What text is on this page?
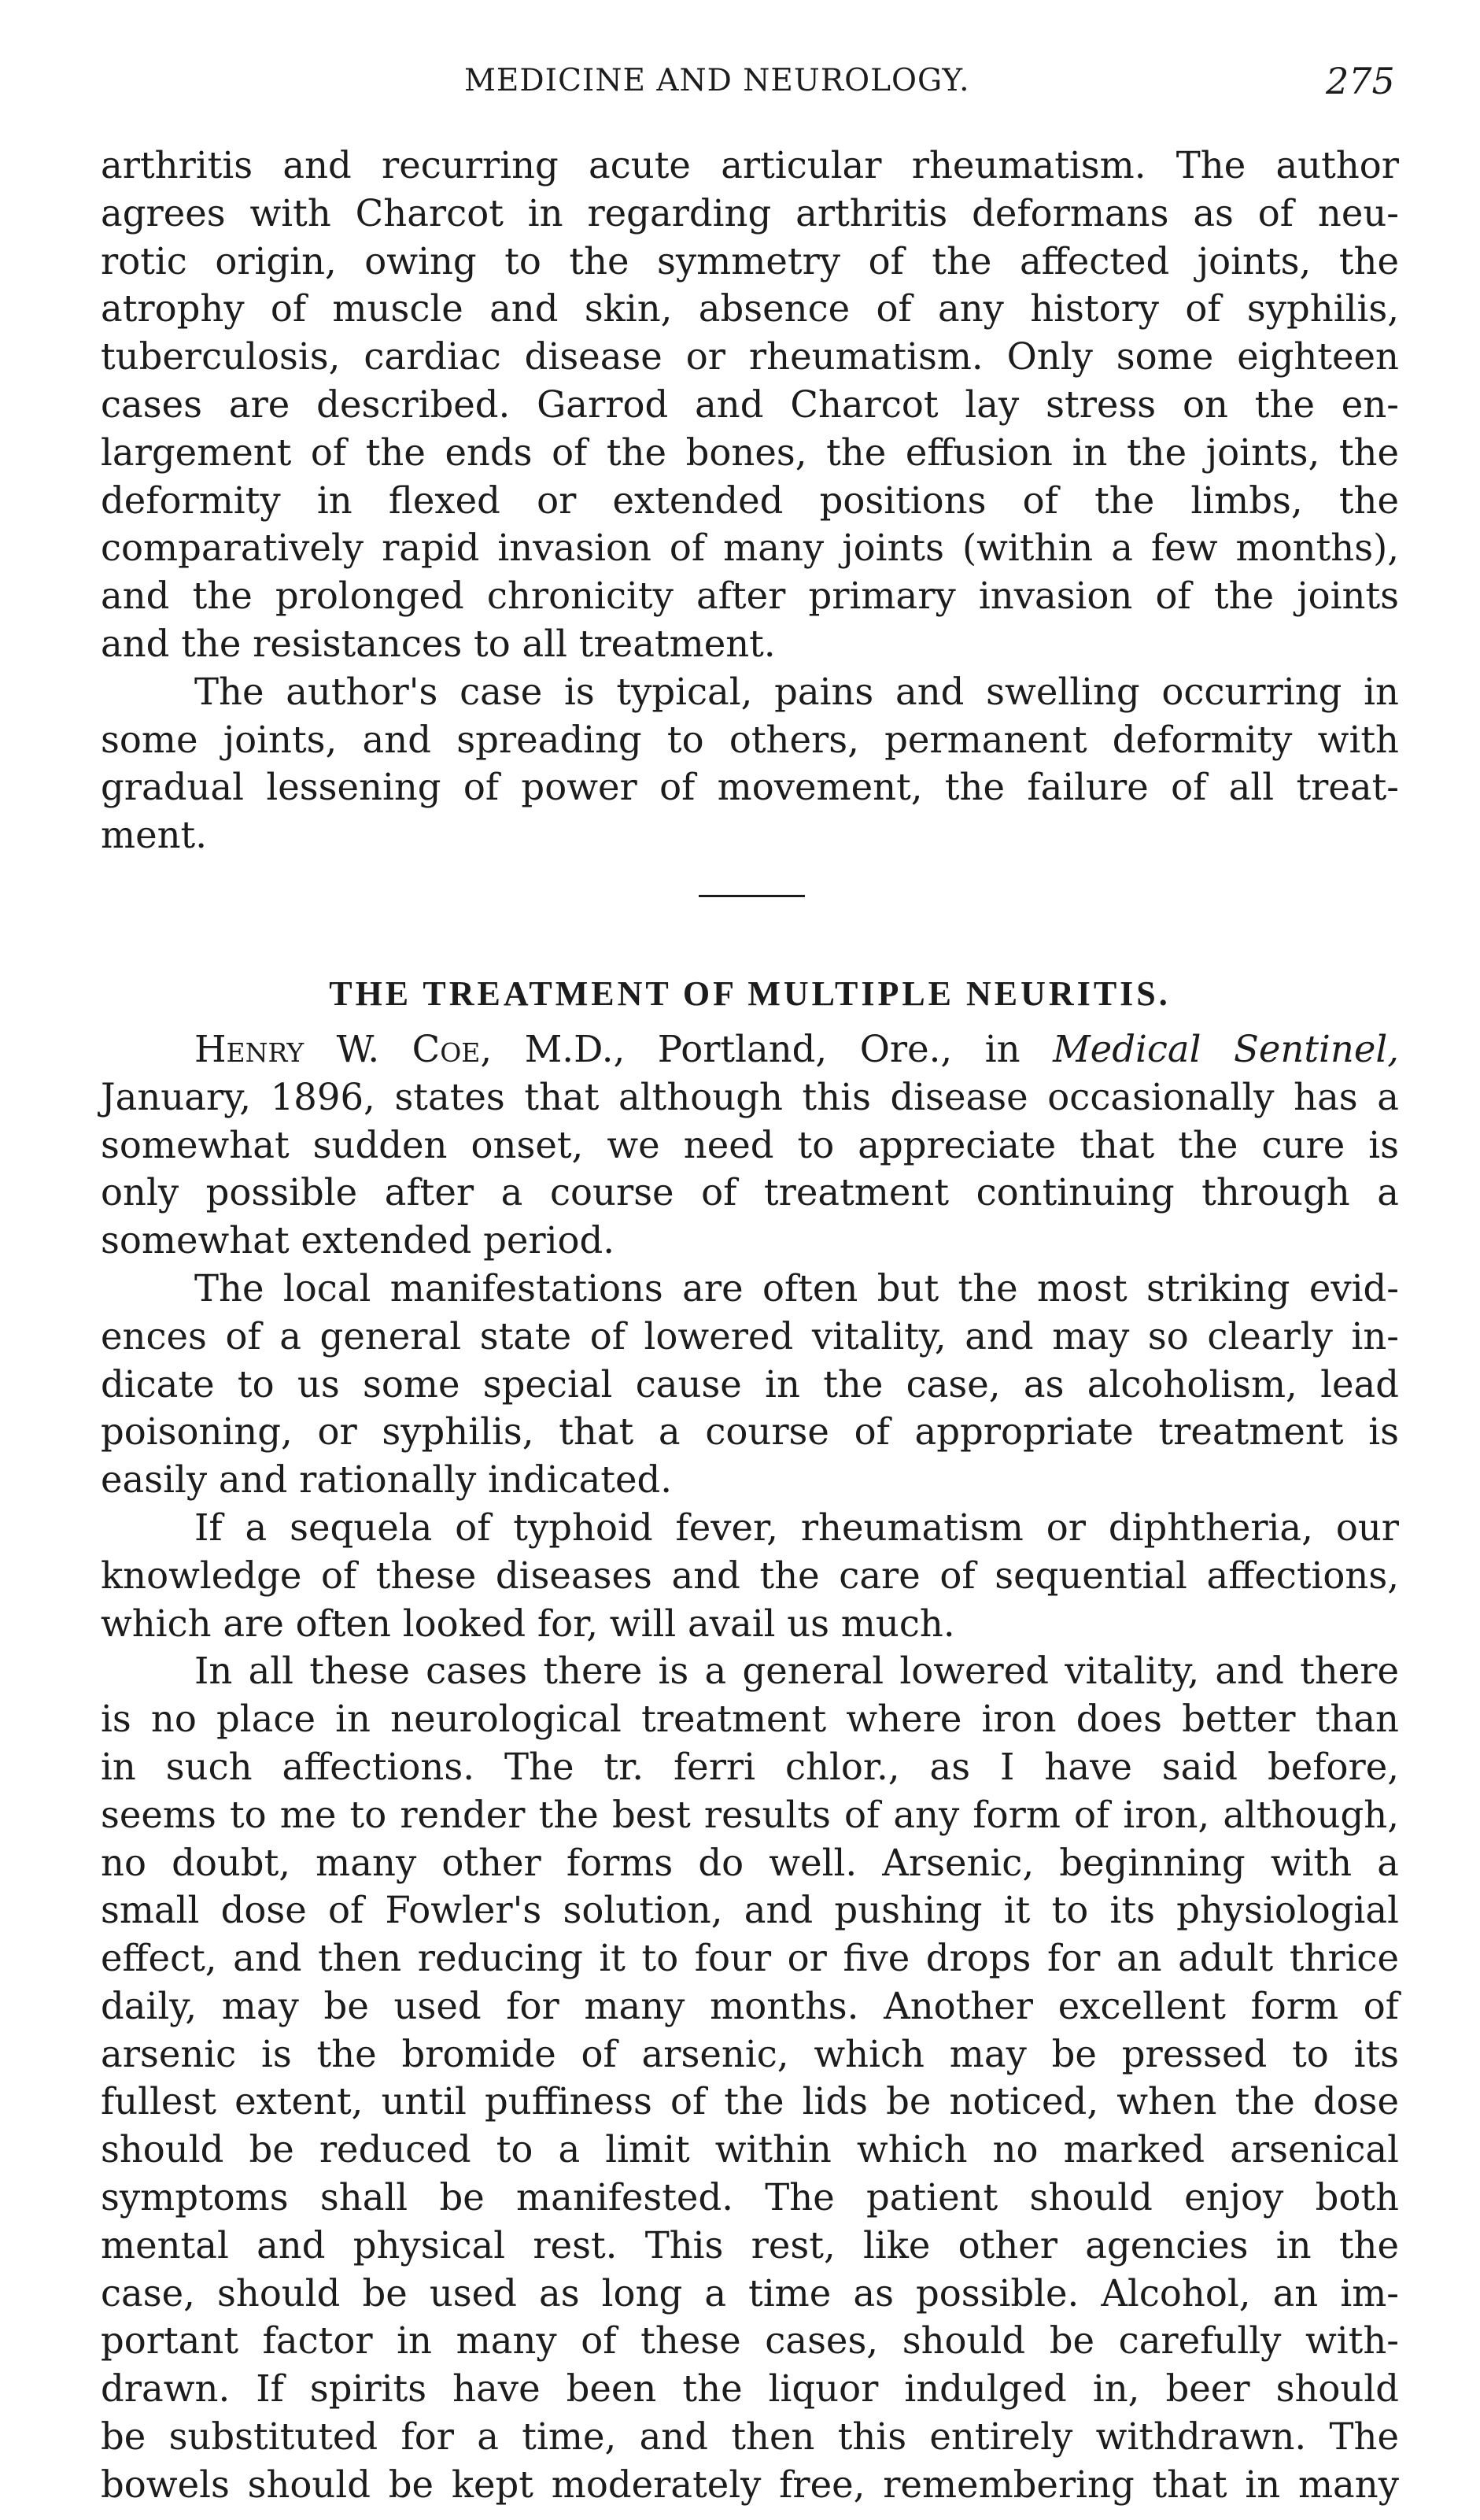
MEDICINE AND NEUROLOGY.	275
arthritis and recurring acute articular rheumatism. The author
agrees with Charcot in regarding arthritis deformans as of neu-
rotic origin, owing to the symmetry of the affected joints, the
atrophy of muscle and skin, absence of any history of syphilis,
tuberculosis, cardiac disease or rheumatism. Only some eighteen
cases are described. Garrod and Charcot lay stress on the en-
largement of the ends of the bones, the effusion in the joints, the
deformity in flexed or extended positions of the limbs, the
comparatively rapid invasion of many joints (within a few months),
and the prolonged chronicity after primary invasion of the joints
and the resistances to all treatment.
The author's case is typical, pains and swelling occurring in
some joints, and spreading to others, permanent deformity with
gradual lessening of power of movement, the failure of all treat-
ment.
THE TREATMENT OF MULTIPLE NEURITIS.
Henry W. Coe, M.D., Portland, Ore., in Medical Sentinel,
January, 1896, states that although this disease occasionally has a
somewhat sudden onset, we need to appreciate that the cure is
only possible after a course of treatment continuing through a
somewhat extended period.
The local manifestations are often but the most striking evid-
ences of a general state of lowered vitality, and may so clearly in-
dicate to us some special cause in the case, as alcoholism, lead
poisoning, or syphilis, that a course of appropriate treatment is
easily and rationally indicated.
If a sequela of typhoid fever, rheumatism or diphtheria, our
knowledge of these diseases and the care of sequential affections,
which are often looked for, will avail us much.
In all these cases there is a general lowered vitality, and there
is no place in neurological treatment where iron does better than
in such affections. The tr. ferri chlor., as I have said before,
seems to me to render the best results of any form of iron, although,
no doubt, many other forms do well. Arsenic, beginning with a
small dose of Fowler's solution, and pushing it to its physiologial
effect, and then reducing it to four or five drops for an adult thrice
daily, may be used for many months. Another excellent form of
arsenic is the bromide of arsenic, which may be pressed to its
fullest extent, until puffiness of the lids be noticed, when the dose
should be reduced to a limit within which no marked arsenical
symptoms shall be manifested. The patient should enjoy both
mental and physical rest. This rest, like other agencies in the
case, should be used as long a time as possible. Alcohol, an im-
portant factor in many of these cases, should be carefully with-
drawn. If spirits have been the liquor indulged in, beer should
be substituted for a time, and then this entirely withdrawn. The
bowels should be kept moderately free, remembering that in many
